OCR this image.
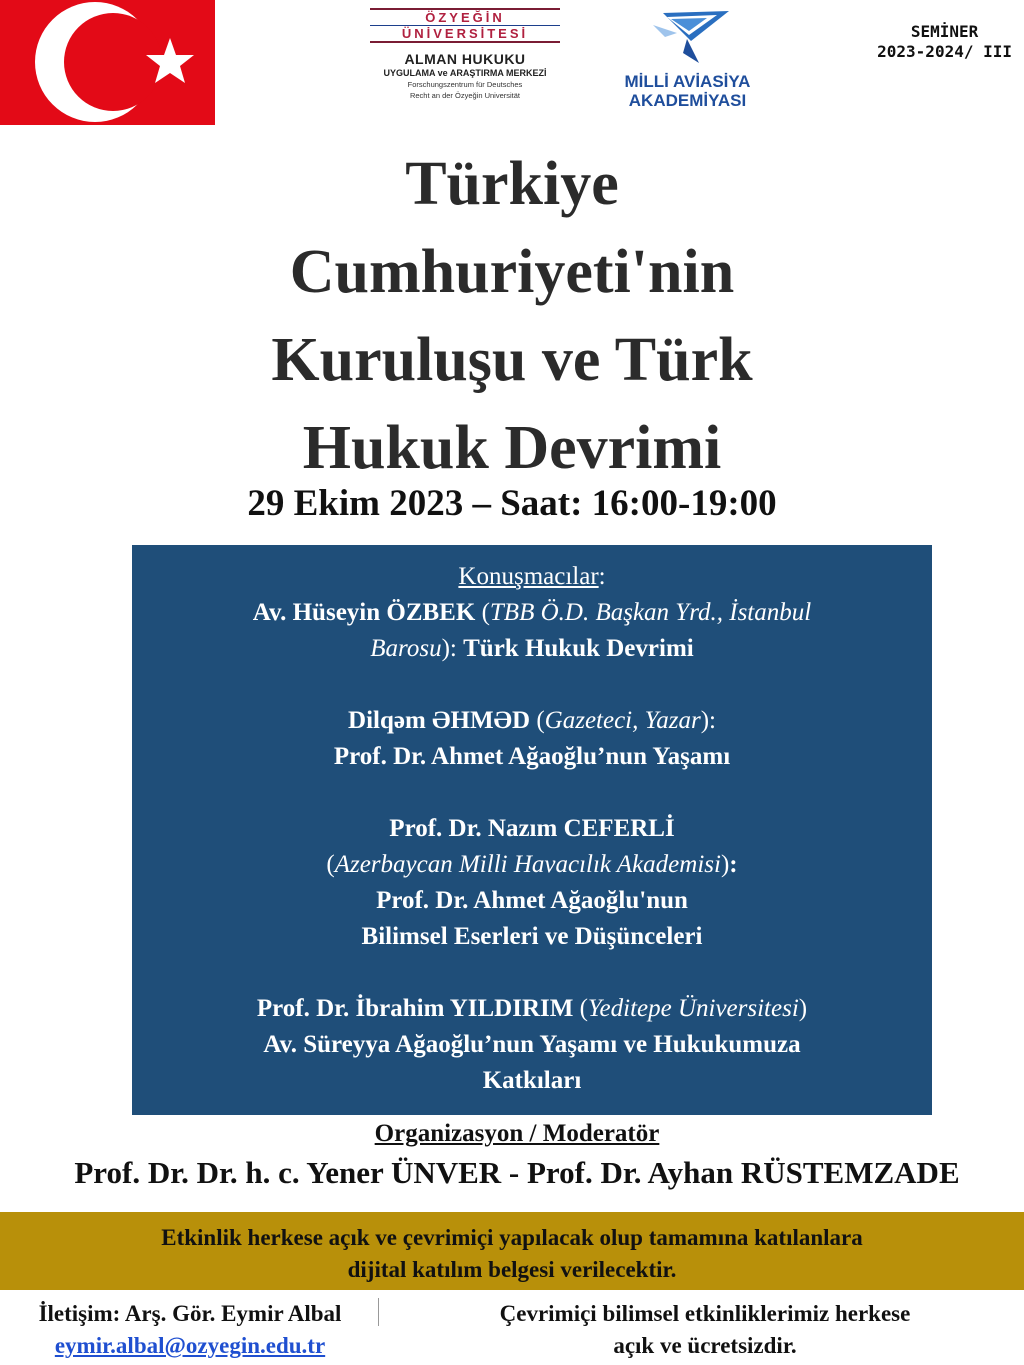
ÖZYEĞİN
ÜNİVERSİTESİ
ALMAN HUKUKU
UYGULAMA ve ARAŞTIRMA MERKEZİ
Forschungszentrum für Deutsches
Recht an der Özyeğin Universität
MİLLİ AVİASİYA
AKADEMİYASI
SEMİNER
2023-2024/ III
Türkiye
Cumhuriyeti'nin
Kuruluşu ve Türk
Hukuk Devrimi
29 Ekim 2023 – Saat: 16:00-19:00
Konuşmacılar:
Av. Hüseyin ÖZBEK (TBB Ö.D. Başkan Yrd., İstanbul
Barosu): Türk Hukuk Devrimi
Dilqəm ƏHMƏD (Gazeteci, Yazar):
Prof. Dr. Ahmet Ağaoğlu’nun Yaşamı
Prof. Dr. Nazım CEFERLİ
(Azerbaycan Milli Havacılık Akademisi):
Prof. Dr. Ahmet Ağaoğlu'nun
Bilimsel Eserleri ve Düşünceleri
Prof. Dr. İbrahim YILDIRIM (Yeditepe Üniversitesi)
Av. Süreyya Ağaoğlu’nun Yaşamı ve Hukukumuza
Katkıları
Organizasyon / Moderatör
Prof. Dr. Dr. h. c. Yener ÜNVER - Prof. Dr. Ayhan RÜSTEMZADE
Etkinlik herkese açık ve çevrimiçi yapılacak olup tamamına katılanlara
dijital katılım belgesi verilecektir.
İletişim: Arş. Gör. Eymir Albal
eymir.albal@ozyegin.edu.tr
Çevrimiçi bilimsel etkinliklerimiz herkese
açık ve ücretsizdir.
